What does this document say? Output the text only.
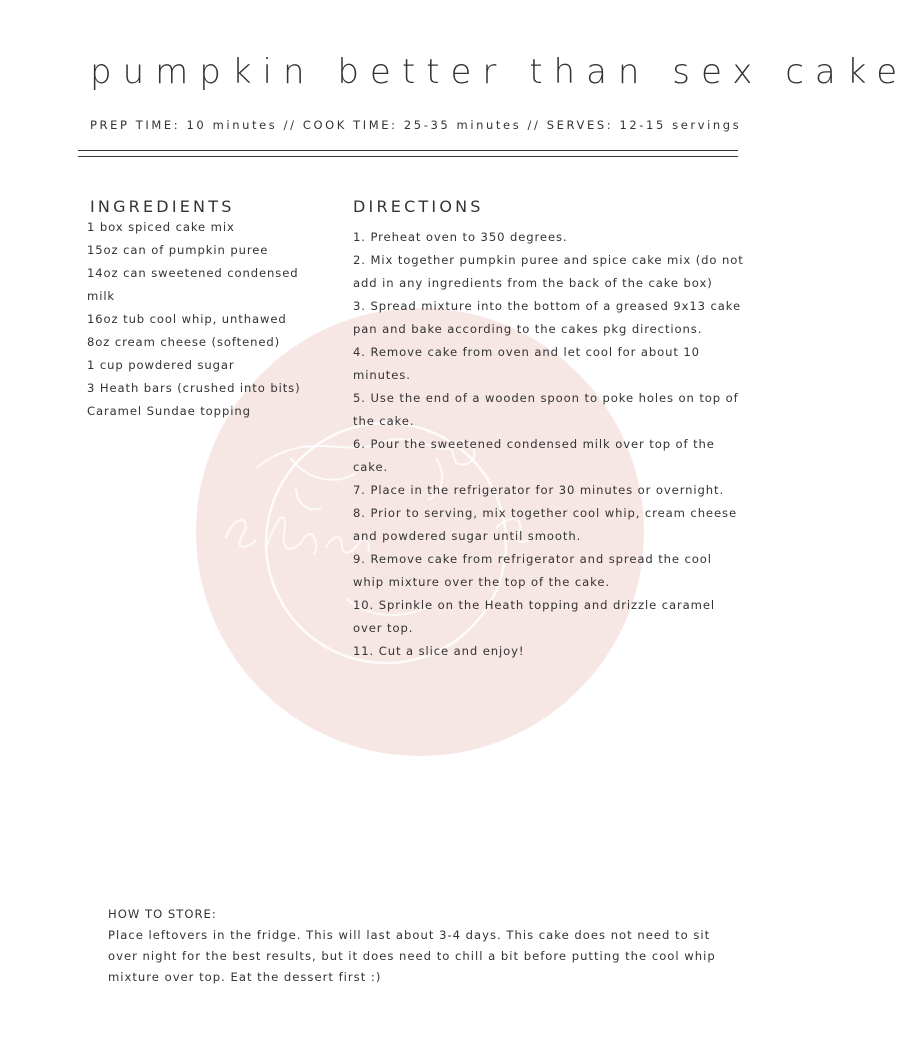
pumpkin better than sex cake
PREP TIME: 10 minutes // COOK TIME: 25-35 minutes // SERVES: 12-15 servings
INGREDIENTS
1 box spiced cake mix
15oz can of pumpkin puree
14oz can sweetened condensed milk
16oz tub cool whip, unthawed
8oz cream cheese (softened)
1 cup powdered sugar
3 Heath bars (crushed into bits)
Caramel Sundae topping
DIRECTIONS
1. Preheat oven to 350 degrees.
2. Mix together pumpkin puree and spice cake mix (do not add in any ingredients from the back of the cake box)
3. Spread mixture into the bottom of a greased 9x13 cake pan and bake according to the cakes pkg directions.
4. Remove cake from oven and let cool for about 10 minutes.
5. Use the end of a wooden spoon to poke holes on top of the cake.
6. Pour the sweetened condensed milk over top of the cake.
7. Place in the refrigerator for 30 minutes or overnight.
8. Prior to serving, mix together cool whip, cream cheese and powdered sugar until smooth.
9. Remove cake from refrigerator and spread the cool whip mixture over the top of the cake.
10. Sprinkle on the Heath topping and drizzle caramel over top.
11. Cut a slice and enjoy!

HOW TO STORE:

Place leftovers in the fridge. This will last about 3-4 days. This cake does not need to sit over night for the best results, but it does need to chill a bit before putting the cool whip mixture over top. Eat the dessert first :)
